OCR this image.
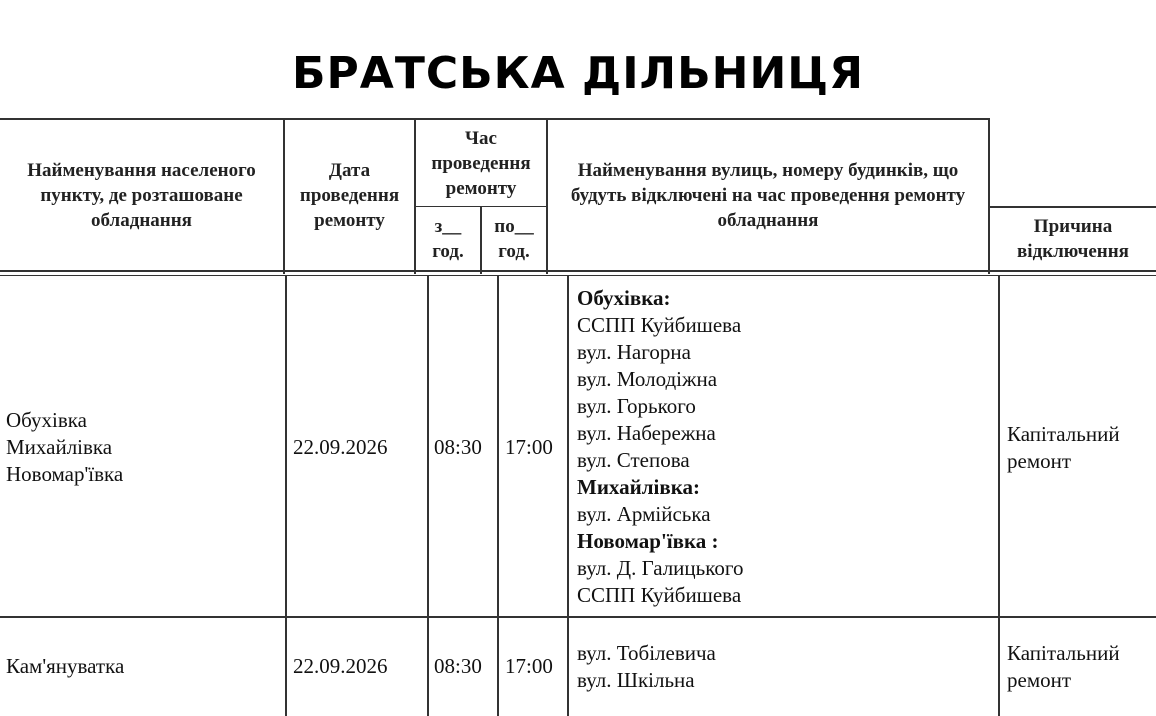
БРАТСЬКА ДІЛЬНИЦЯ
Найменування населеного пункту, де розташоване обладнання
Дата проведення ремонту
Час проведення ремонту
з__ год.
по__ год.
Найменування вулиць, номеру будинків, що будуть відключені на час проведення ремонту обладнання	Причина відключення
Обухівка
Михайлівка
Новомар'ївка
22.09.2026 08:30 17:00
Обухівка:
ССПП Куйбишева
вул. Нагорна
вул. Молодіжна
вул. Горького
вул. Набережна
вул. Степова
Михайлівка:
вул. Армійська
Новомар'ївка :
вул. Д. Галицького
ССПП Куйбишева
Капітальний
ремонт
Кам'януватка	22.09.2026 08:30 17:00
вул. Тобілевича
вул. Шкільна
Капітальний
ремонт
